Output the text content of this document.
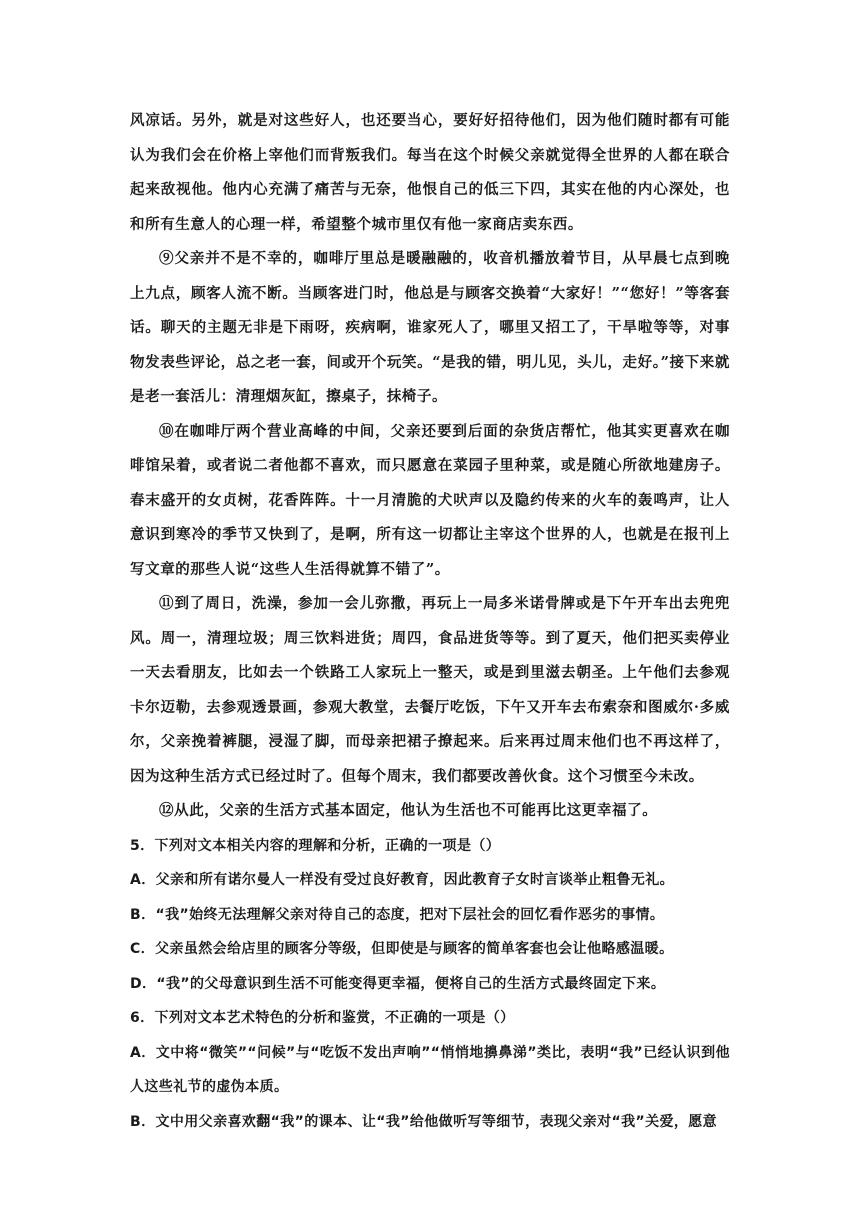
风凉话。另外，就是对这些好人，也还要当心，要好好招待他们，因为他们随时都有可能认为我们会在价格上宰他们而背叛我们。每当在这个时候父亲就觉得全世界的人都在联合起来敌视他。他内心充满了痛苦与无奈，他恨自己的低三下四，其实在他的内心深处，也和所有生意人的心理一样，希望整个城市里仅有他一家商店卖东西。

⑨父亲并不是不幸的，咖啡厅里总是暖融融的，收音机播放着节目，从早晨七点到晚上九点，顾客人流不断。当顾客进门时，他总是与顾客交换着“大家好！”“您好！”等客套话。聊天的主题无非是下雨呀，疾病啊，谁家死人了，哪里又招工了，干旱啦等等，对事物发表些评论，总之老一套，间或开个玩笑。“是我的错，明儿见，头儿，走好。”接下来就是老一套活儿：清理烟灰缸，擦桌子，抹椅子。

⑩在咖啡厅两个营业高峰的中间，父亲还要到后面的杂货店帮忙，他其实更喜欢在咖啡馆呆着，或者说二者他都不喜欢，而只愿意在菜园子里种菜，或是随心所欲地建房子。春末盛开的女贞树，花香阵阵。十一月清脆的犬吠声以及隐约传来的火车的轰鸣声，让人意识到寒冷的季节又快到了，是啊，所有这一切都让主宰这个世界的人，也就是在报刊上写文章的那些人说“这些人生活得就算不错了”。

⑪到了周日，洗澡，参加一会儿弥撒，再玩上一局多米诺骨牌或是下午开车出去兜兜风。周一，清理垃圾；周三饮料进货；周四，食品进货等等。到了夏天，他们把买卖停业一天去看朋友，比如去一个铁路工人家玩上一整天，或是到里滋去朝圣。上午他们去参观卡尔迈勒，去参观透景画，参观大教堂，去餐厅吃饭，下午又开车去布索奈和图威尔·多威尔，父亲挽着裤腿，浸湿了脚，而母亲把裙子撩起来。后来再过周末他们也不再这样了，因为这种生活方式已经过时了。但每个周末，我们都要改善伙食。这个习惯至今未改。

⑫从此，父亲的生活方式基本固定，他认为生活也不可能再比这更幸福了。

5．下列对文本相关内容的理解和分析，正确的一项是（）

A．父亲和所有诺尔曼人一样没有受过良好教育，因此教育子女时言谈举止粗鲁无礼。

B．“我”始终无法理解父亲对待自己的态度，把对下层社会的回忆看作恶劣的事情。

C．父亲虽然会给店里的顾客分等级，但即使是与顾客的简单客套也会让他略感温暖。

D．“我”的父母意识到生活不可能变得更幸福，便将自己的生活方式最终固定下来。

6．下列对文本艺术特色的分析和鉴赏，不正确的一项是（）

A．文中将“微笑”“问候”与“吃饭不发出声响”“悄悄地擤鼻涕”类比，表明“我”已经认识到他人这些礼节的虚伪本质。

B．文中用父亲喜欢翻“我”的课本、让“我”给他做听写等细节，表现父亲对“我”关爱，愿意
